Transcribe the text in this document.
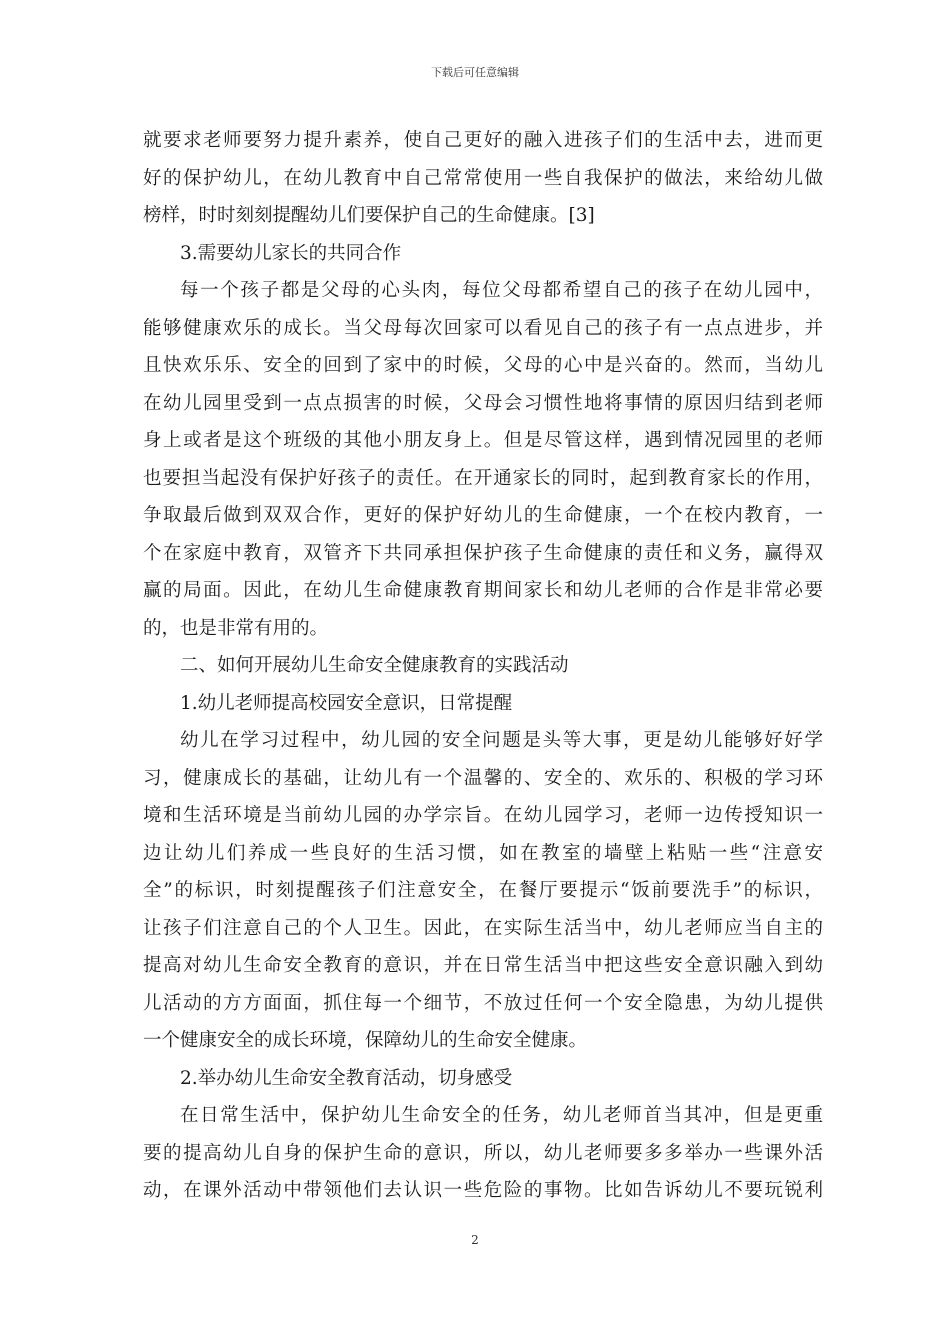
下载后可任意编辑
就要求老师要努力提升素养，使自己更好的融入进孩子们的生活中去，进而更
好的保护幼儿，在幼儿教育中自己常常使用一些自我保护的做法，来给幼儿做
榜样，时时刻刻提醒幼儿们要保护自己的生命健康。[3]
3.需要幼儿家长的共同合作
每一个孩子都是父母的心头肉，每位父母都希望自己的孩子在幼儿园中，
能够健康欢乐的成长。当父母每次回家可以看见自己的孩子有一点点进步，并
且快欢乐乐、安全的回到了家中的时候，父母的心中是兴奋的。然而，当幼儿
在幼儿园里受到一点点损害的时候，父母会习惯性地将事情的原因归结到老师
身上或者是这个班级的其他小朋友身上。但是尽管这样，遇到情况园里的老师
也要担当起没有保护好孩子的责任。在开通家长的同时，起到教育家长的作用，
争取最后做到双双合作，更好的保护好幼儿的生命健康，一个在校内教育，一
个在家庭中教育，双管齐下共同承担保护孩子生命健康的责任和义务，赢得双
赢的局面。因此，在幼儿生命健康教育期间家长和幼儿老师的合作是非常必要
的，也是非常有用的。
二、如何开展幼儿生命安全健康教育的实践活动
1.幼儿老师提高校园安全意识，日常提醒
幼儿在学习过程中，幼儿园的安全问题是头等大事，更是幼儿能够好好学
习，健康成长的基础，让幼儿有一个温馨的、安全的、欢乐的、积极的学习环
境和生活环境是当前幼儿园的办学宗旨。在幼儿园学习，老师一边传授知识一
边让幼儿们养成一些良好的生活习惯，如在教室的墙壁上粘贴一些“注意安
全”的标识，时刻提醒孩子们注意安全，在餐厅要提示“饭前要洗手”的标识，
让孩子们注意自己的个人卫生。因此，在实际生活当中，幼儿老师应当自主的
提高对幼儿生命安全教育的意识，并在日常生活当中把这些安全意识融入到幼
儿活动的方方面面，抓住每一个细节，不放过任何一个安全隐患，为幼儿提供
一个健康安全的成长环境，保障幼儿的生命安全健康。
2.举办幼儿生命安全教育活动，切身感受
在日常生活中，保护幼儿生命安全的任务，幼儿老师首当其冲，但是更重
要的提高幼儿自身的保护生命的意识，所以，幼儿老师要多多举办一些课外活
动，在课外活动中带领他们去认识一些危险的事物。比如告诉幼儿不要玩锐利
2
